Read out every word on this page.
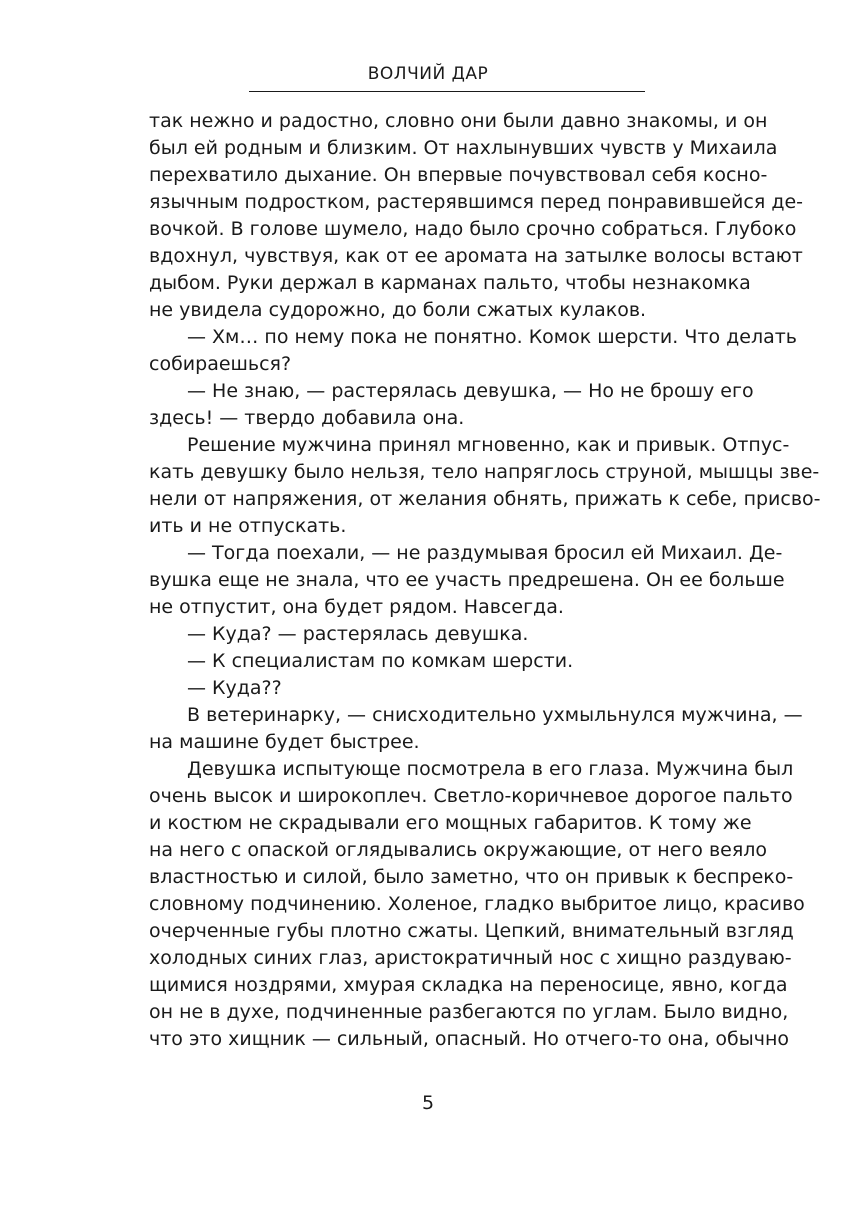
ВОЛЧИЙ ДАР
так нежно и радостно, словно они были давно знакомы, и он
был ей родным и близким. От нахлынувших чувств у Михаила
перехватило дыхание. Он впервые почувствовал себя косно-
язычным подростком, растерявшимся перед понравившейся де-
вочкой. В голове шумело, надо было срочно собраться. Глубоко
вдохнул, чувствуя, как от ее аромата на затылке волосы встают
дыбом. Руки держал в карманах пальто, чтобы незнакомка
не увидела судорожно, до боли сжатых кулаков.
— Хм… по нему пока не понятно. Комок шерсти. Что делать
собираешься?
— Не знаю, — растерялась девушка, — Но не брошу его
здесь! — твердо добавила она.
Решение мужчина принял мгновенно, как и привык. Отпус-
кать девушку было нельзя, тело напряглось струной, мышцы зве-
нели от напряжения, от желания обнять, прижать к себе, присво-
ить и не отпускать.
— Тогда поехали, — не раздумывая бросил ей Михаил. Де-
вушка еще не знала, что ее участь предрешена. Он ее больше
не отпустит, она будет рядом. Навсегда.
— Куда? — растерялась девушка.
— К специалистам по комкам шерсти.
— Куда??
В ветеринарку, — снисходительно ухмыльнулся мужчина, —
на машине будет быстрее.
Девушка испытующе посмотрела в его глаза. Мужчина был
очень высок и широкоплеч. Светло-коричневое дорогое пальто
и костюм не скрадывали его мощных габаритов. К тому же
на него с опаской оглядывались окружающие, от него веяло
властностью и силой, было заметно, что он привык к беспреко-
словному подчинению. Холеное, гладко выбритое лицо, красиво
очерченные губы плотно сжаты. Цепкий, внимательный взгляд
холодных синих глаз, аристократичный нос с хищно раздуваю-
щимися ноздрями, хмурая складка на переносице, явно, когда
он не в духе, подчиненные разбегаются по углам. Было видно,
что это хищник — сильный, опасный. Но отчего-то она, обычно
5
